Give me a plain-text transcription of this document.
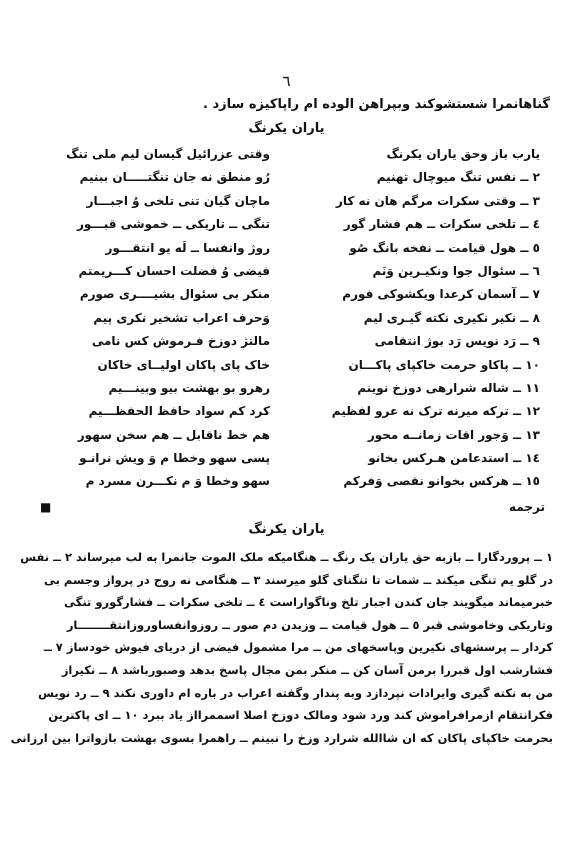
٦
گناهانمرا شستشوکند وبپراهن الوده ام راپاکیزه سازد .
یاران یکرنگ
یارب باز وحق یاران یکرنگ
وقتی عزرائیل گیسان لیم ملی تنگ
۲ ــ نفس تنگ میوچال تهنیم
رُو منطق نه جان تنگتـــــان ببنیم
۳ ــ وقتی سکرات مرگم هان نه کار
ماچان گیان تنی تلخی وُ اجبـــار
٤ ــ تلخی سکرات ــ هم فشار گور
تنگی ــ تاریکی ــ خموشی قبـــور
٥ ــ هول قیامت ــ نفخه بانگ صُو
روژ وانفسا ــ لَه یو انتقـــور
٦ ــ سئوال جوا ونکیـرین وَنَم
فیضی وُ فضلت احسان کـــریمتم
۷ ــ آسمان کرعدا ویکشوکی فورم
منکر بی سئوال بشیــــری صورم
۸ ــ نکیر نکیری نکته گیـری لیم
وَحرف اعراب تشخیر نکری پیم
۹ ــ رَد نویس رَد بوژ انتقامی
مالتژ دوزخ فـرموش کس نامی
۱۰ ــ پاکاو حرمت خاکپای پاکـــان
خاک پای پاکان اولیــای خاکان
۱۱ ــ شاله شرارهی دوزخ نوینم
رهرو بو بهشت بیو وبینـــیم
۱۲ ــ ترکه میرنه ترک نه عرو لفظیم
کرد کم سواد حافظ الحفظـــیم
۱۳ ــ وَجور اقات زمانــه محور
هم خط ناقابل ــ هم سخن سهور
۱٤ ــ استدعامن هـرکس بخانو
پسی سهو وخطا م وَ ویش نرانـو
۱٥ ــ هرکس بخوانو نقصی وَفرکم
سهو وخطا وَ م نکـــرن مسرد م
ترجمه
■
یاران یکرنگ
۱ ــ پروردگارا ــ بازبه حق یاران یک رنگ ــ هنگامیکه ملک الموت جانمرا به لب میرساند ۲ ــ نفس
در گلو یم تنگی میکند ــ شمات تا تنگنای گلو میرسند ۳ ــ هنگامی نه روح در پرواز وجسم بی
خبرمیماند میگویند جان کندن اجبار تلخ وناگواراست ٤ ــ تلخی سکرات ــ فشارگورو تنگی
وتاریکی وخاموشی قبر ٥ ــ هول قیامت ــ وزیدن دم صور ــ روزوانفساوروزانتقــــــــار
کردار ــ پرسشهای نکیرین وپاسخهای من ــ مرا مشمول فیضی از دریای فیوش خودساز ۷ ــ
فشارشب اول قبررا برمن آسان کن ــ منکر بمن مجال پاسخ بدهد وصبورباشد ۸ ــ نکیراز
من به نکته گیری وایرادات نپردازد وبه پندار وگفته اعراب در باره ام داوری نکند ۹ ــ رد نویس
فکرانتقام ازمرافراموش کند ورد شود ومالک دوزخ اصلا اسممرااز یاد ببرد ۱۰ ــ ای پاکترین
بحرمت خاکپای پاکان که ان شاالله شرارد وزخ را نبینم ــ راهمرا بسوی بهشت بازواترا بین ارزانی
